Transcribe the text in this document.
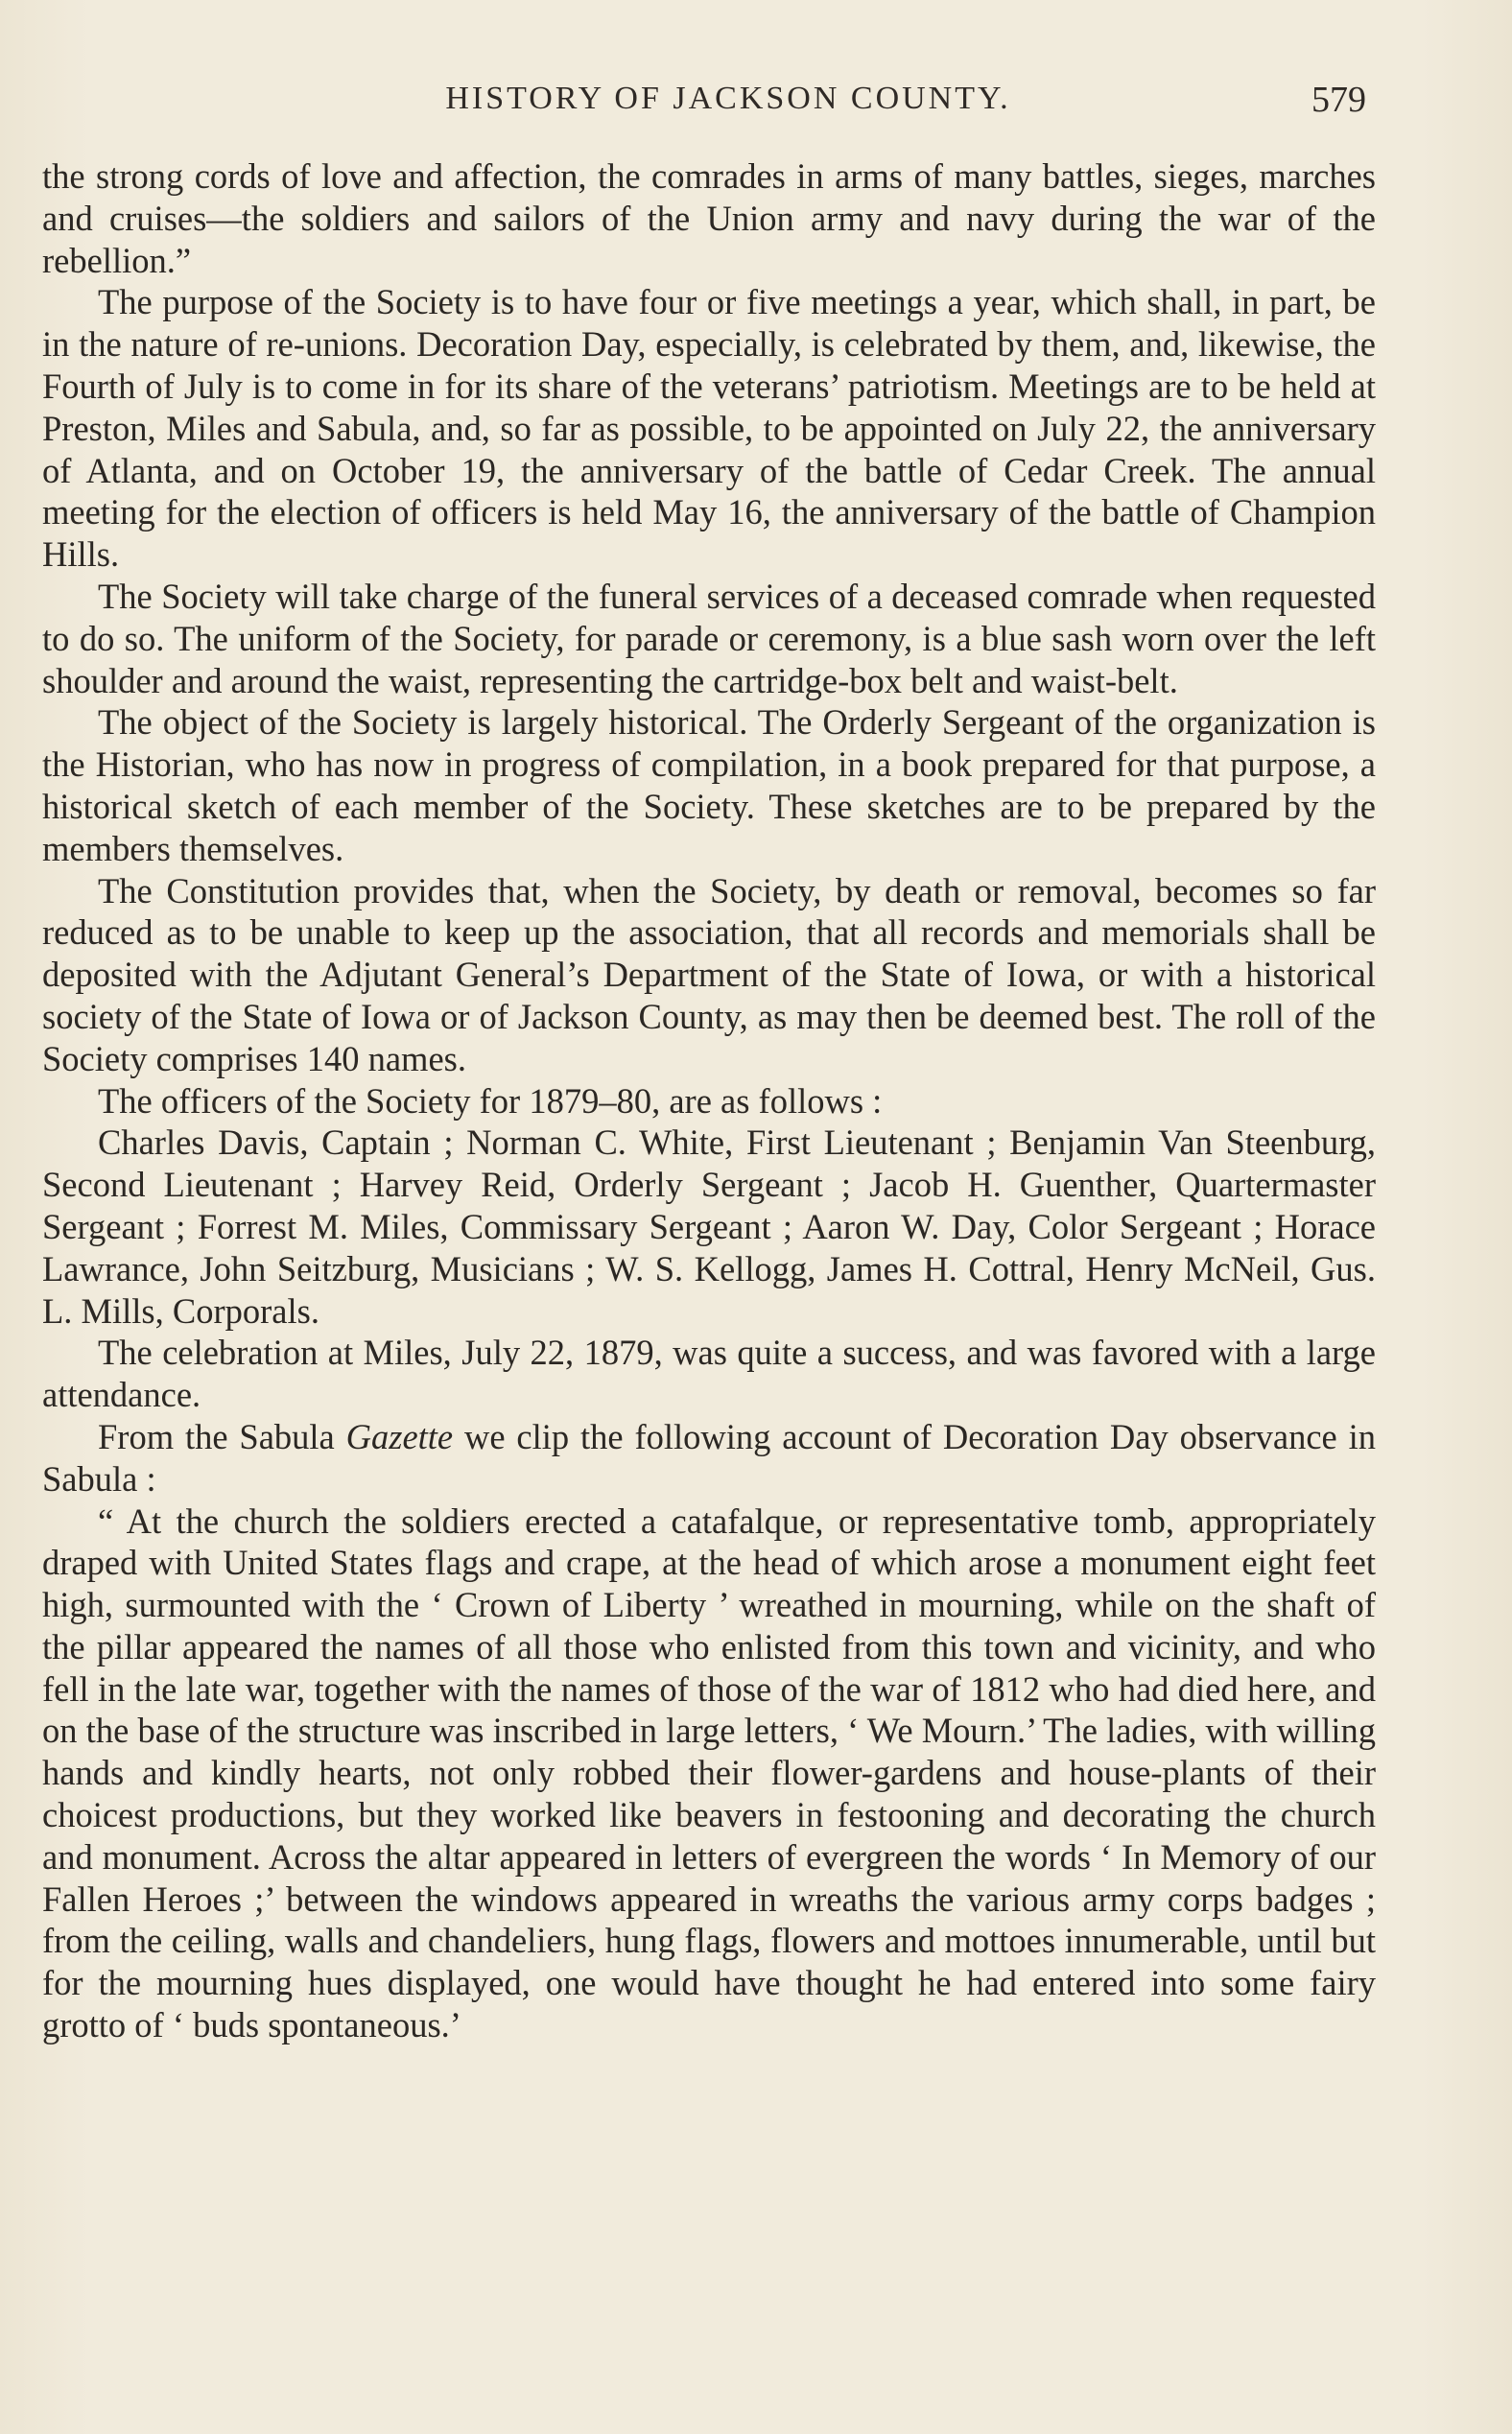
HISTORY OF JACKSON COUNTY.	579

the strong cords of love and affection, the comrades in arms of many battles, sieges, marches and cruises—the soldiers and sailors of the Union army and navy during the war of the rebellion.”

The purpose of the Society is to have four or five meetings a year, which shall, in part, be in the nature of re-unions. Decoration Day, especially, is celebrated by them, and, likewise, the Fourth of July is to come in for its share of the veterans’ patriotism. Meetings are to be held at Preston, Miles and Sabula, and, so far as possible, to be appointed on July 22, the anniversary of Atlanta, and on October 19, the anniversary of the battle of Cedar Creek. The annual meeting for the election of officers is held May 16, the anniversary of the battle of Champion Hills.

The Society will take charge of the funeral services of a deceased comrade when requested to do so. The uniform of the Society, for parade or ceremony, is a blue sash worn over the left shoulder and around the waist, representing the cartridge-box belt and waist-belt.

The object of the Society is largely historical. The Orderly Sergeant of the organization is the Historian, who has now in progress of compilation, in a book prepared for that purpose, a historical sketch of each member of the Society. These sketches are to be prepared by the members themselves.

The Constitution provides that, when the Society, by death or removal, becomes so far reduced as to be unable to keep up the association, that all records and memorials shall be deposited with the Adjutant General’s Department of the State of Iowa, or with a historical society of the State of Iowa or of Jackson County, as may then be deemed best. The roll of the Society comprises 140 names.

The officers of the Society for 1879–80, are as follows :

Charles Davis, Captain ; Norman C. White, First Lieutenant ; Benjamin Van Steenburg, Second Lieutenant ; Harvey Reid, Orderly Sergeant ; Jacob H. Guenther, Quartermaster Sergeant ; Forrest M. Miles, Commissary Sergeant ; Aaron W. Day, Color Sergeant ; Horace Lawrance, John Seitzburg, Musicians ; W. S. Kellogg, James H. Cottral, Henry McNeil, Gus. L. Mills, Corporals.

The celebration at Miles, July 22, 1879, was quite a success, and was favored with a large attendance.

From the Sabula Gazette we clip the following account of Decoration Day observance in Sabula :

“ At the church the soldiers erected a catafalque, or representative tomb, appropriately draped with United States flags and crape, at the head of which arose a monument eight feet high, surmounted with the ‘ Crown of Liberty ’ wreathed in mourning, while on the shaft of the pillar appeared the names of all those who enlisted from this town and vicinity, and who fell in the late war, together with the names of those of the war of 1812 who had died here, and on the base of the structure was inscribed in large letters, ‘ We Mourn.’ The ladies, with willing hands and kindly hearts, not only robbed their flower-gardens and house-plants of their choicest productions, but they worked like beavers in festooning and decorating the church and monument. Across the altar appeared in letters of evergreen the words ‘ In Memory of our Fallen Heroes ;’ between the windows appeared in wreaths the various army corps badges ; from the ceiling, walls and chandeliers, hung flags, flowers and mottoes innumerable, until but for the mourning hues displayed, one would have thought he had entered into some fairy grotto of ‘ buds spontaneous.’
